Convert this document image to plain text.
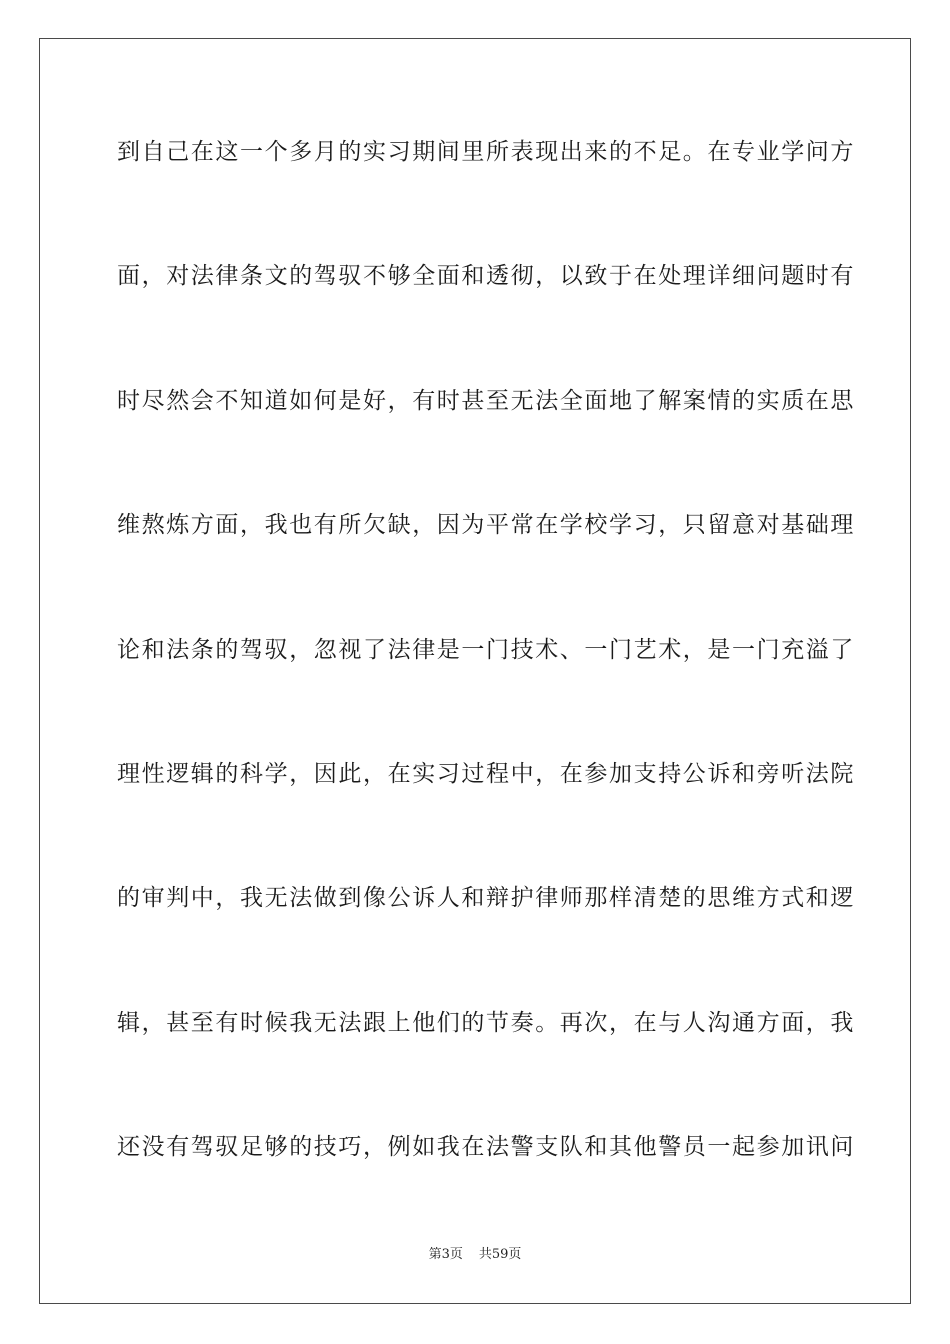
到自己在这一个多月的实习期间里所表现出来的不足。在专业学问方
面，对法律条文的驾驭不够全面和透彻，以致于在处理详细问题时有
时尽然会不知道如何是好，有时甚至无法全面地了解案情的实质在思
维熬炼方面，我也有所欠缺，因为平常在学校学习，只留意对基础理
论和法条的驾驭，忽视了法律是一门技术、一门艺术，是一门充溢了
理性逻辑的科学，因此，在实习过程中，在参加支持公诉和旁听法院
的审判中，我无法做到像公诉人和辩护律师那样清楚的思维方式和逻
辑，甚至有时候我无法跟上他们的节奏。再次，在与人沟通方面，我
还没有驾驭足够的技巧，例如我在法警支队和其他警员一起参加讯问
第3页 共59页
